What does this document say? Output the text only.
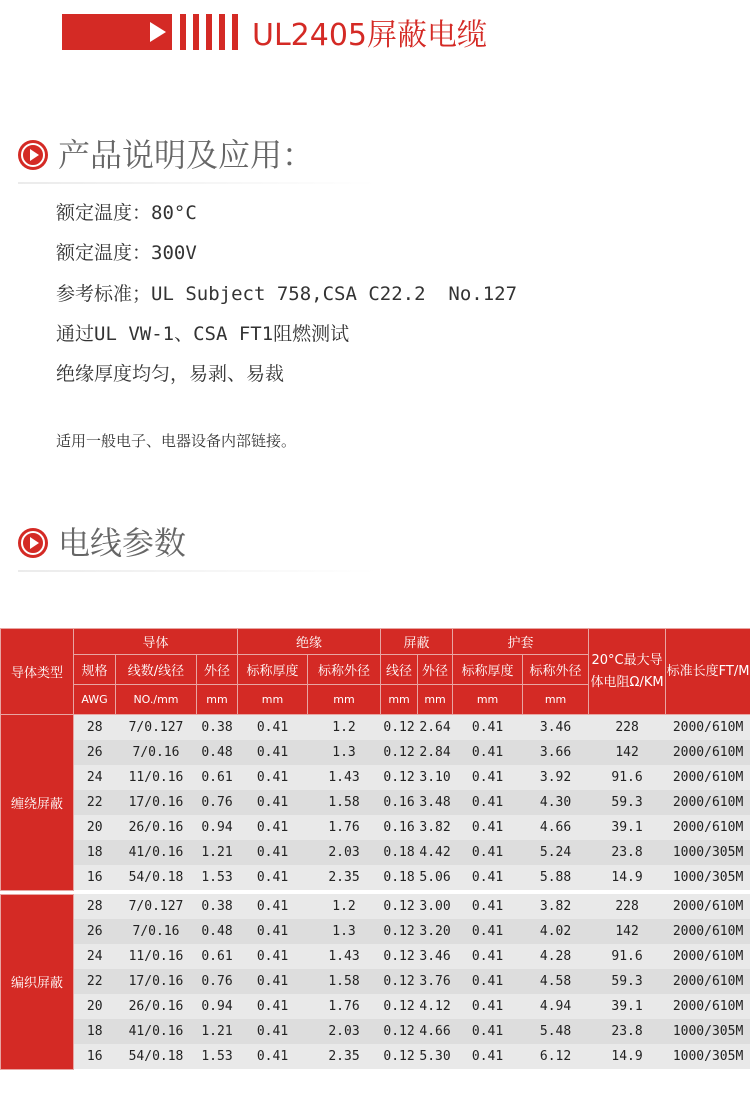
UL2405屏蔽电缆
产品说明及应用：
额定温度：80°C
额定温度：300V
参考标准；UL Subject 758,CSA C22.2  No.127
通过UL VW-1、CSA FT1阻燃测试
绝缘厚度均匀，易剥、易裁
适用一般电子、电器设备内部链接。
电线参数
导体类型	导体			绝缘		屏蔽		护套		20°C最大导体电阻Ω/KM	标准长度FT/M
	规格	线数/线径	外径	标称厚度	标称外径	线径	外径	标称厚度	标称外径		
	AWG	NO./mm	mm	mm	mm	mm	mm	mm	mm		
缠绕屏蔽	28	7/0.127	0.38	0.41	1.2	0.12	2.64	0.41	3.46	228	2000/610M
	26	7/0.16	0.48	0.41	1.3	0.12	2.84	0.41	3.66	142	2000/610M
	24	11/0.16	0.61	0.41	1.43	0.12	3.10	0.41	3.92	91.6	2000/610M
	22	17/0.16	0.76	0.41	1.58	0.16	3.48	0.41	4.30	59.3	2000/610M
	20	26/0.16	0.94	0.41	1.76	0.16	3.82	0.41	4.66	39.1	2000/610M
	18	41/0.16	1.21	0.41	2.03	0.18	4.42	0.41	5.24	23.8	1000/305M
	16	54/0.18	1.53	0.41	2.35	0.18	5.06	0.41	5.88	14.9	1000/305M

编织屏蔽	28	7/0.127	0.38	0.41	1.2	0.12	3.00	0.41	3.82	228	2000/610M
	26	7/0.16	0.48	0.41	1.3	0.12	3.20	0.41	4.02	142	2000/610M
	24	11/0.16	0.61	0.41	1.43	0.12	3.46	0.41	4.28	91.6	2000/610M
	22	17/0.16	0.76	0.41	1.58	0.12	3.76	0.41	4.58	59.3	2000/610M
	20	26/0.16	0.94	0.41	1.76	0.12	4.12	0.41	4.94	39.1	2000/610M
	18	41/0.16	1.21	0.41	2.03	0.12	4.66	0.41	5.48	23.8	1000/305M
	16	54/0.18	1.53	0.41	2.35	0.12	5.30	0.41	6.12	14.9	1000/305M
